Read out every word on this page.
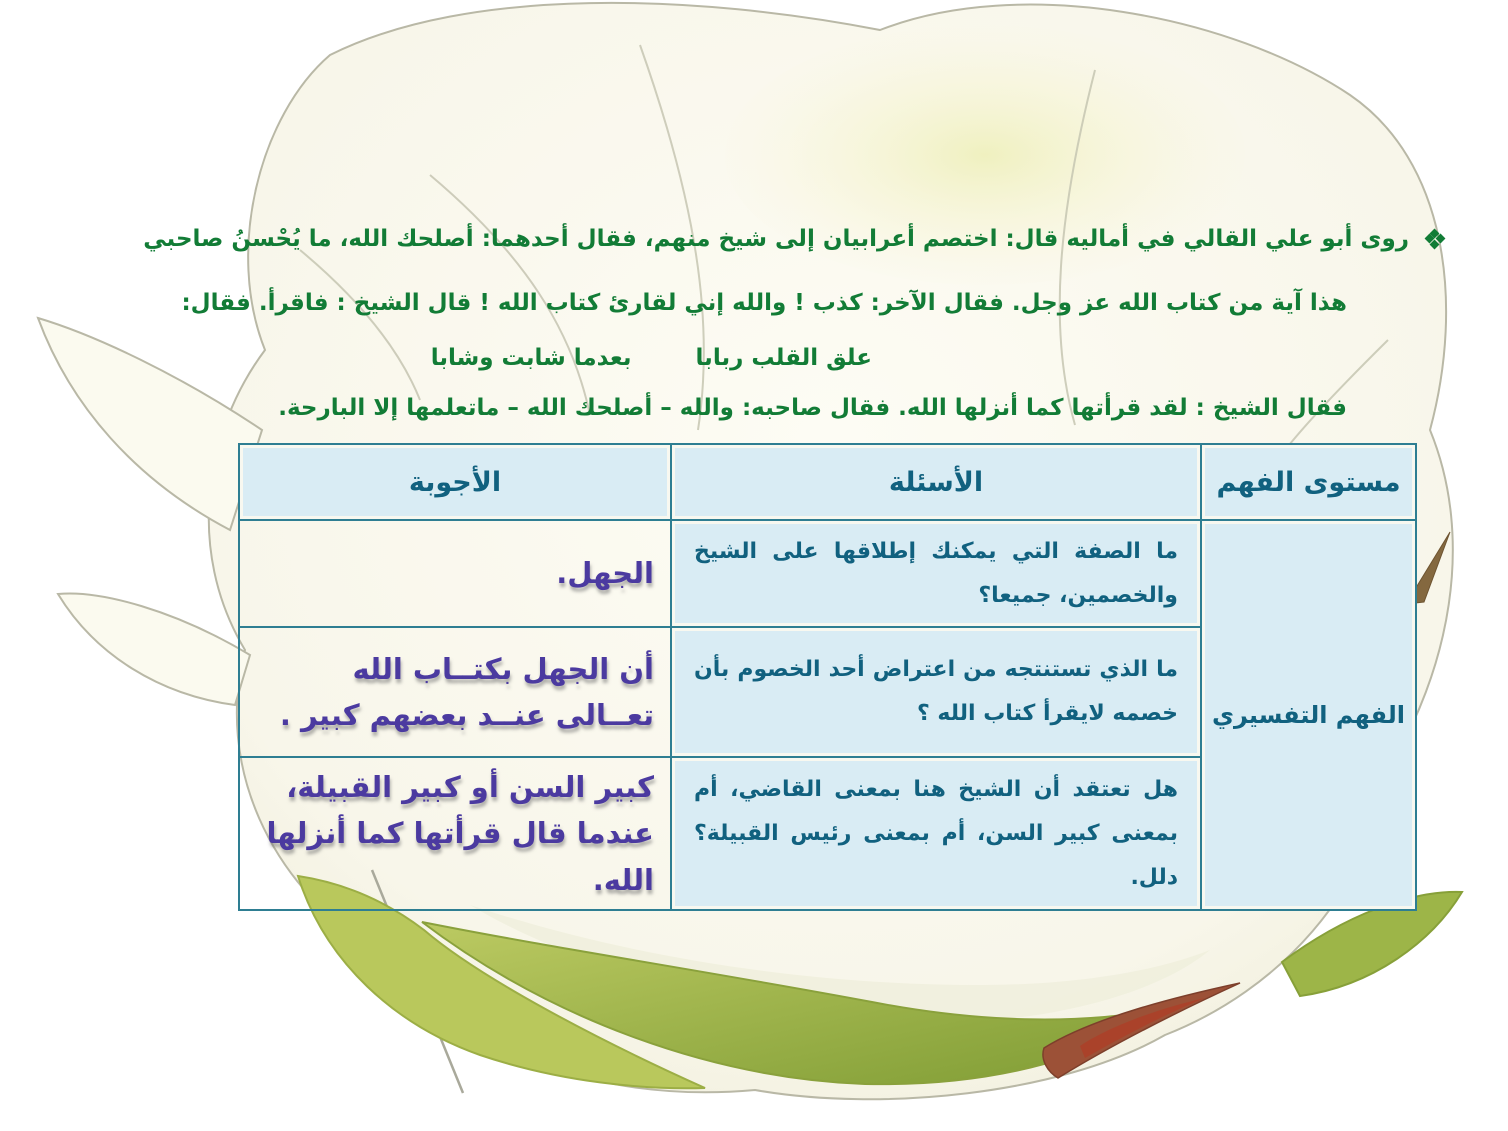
روى أبو علي القالي في أماليه قال: اختصم أعرابيان إلى شيخ منهم، فقال أحدهما: أصلحك الله، ما يُحْسنُ صاحبي
هذا آية من كتاب الله عز وجل. فقال الآخر: كذب ! والله إني لقارئ كتاب الله ! قال الشيخ : فاقرأ. فقال:
علق القلب ربابابعدما شابت وشابا
فقال الشيخ : لقد قرأتها كما أنزلها الله. فقال صاحبه: والله – أصلحك الله – ماتعلمها إلا البارحة.
مستوى الفهم	الأسئلة	الأجوبة
الفهم التفسيري	ما الصفة التي يمكنك إطلاقها على الشيخ والخصمين، جميعا؟	الجهل.
	ما الذي تستنتجه من اعتراض أحد الخصوم بأن خصمه لايقرأ كتاب الله ؟	أن الجهل بكتــاب الله تعــالى عنــد بعضهم كبير .
	هل تعتقد أن الشيخ هنا بمعنى القاضي، أم بمعنى كبير السن، أم بمعنى رئيس القبيلة؟ دلل.	كبير السن أو كبير القبيلة، عندما قال قرأتها كما أنزلها الله.
